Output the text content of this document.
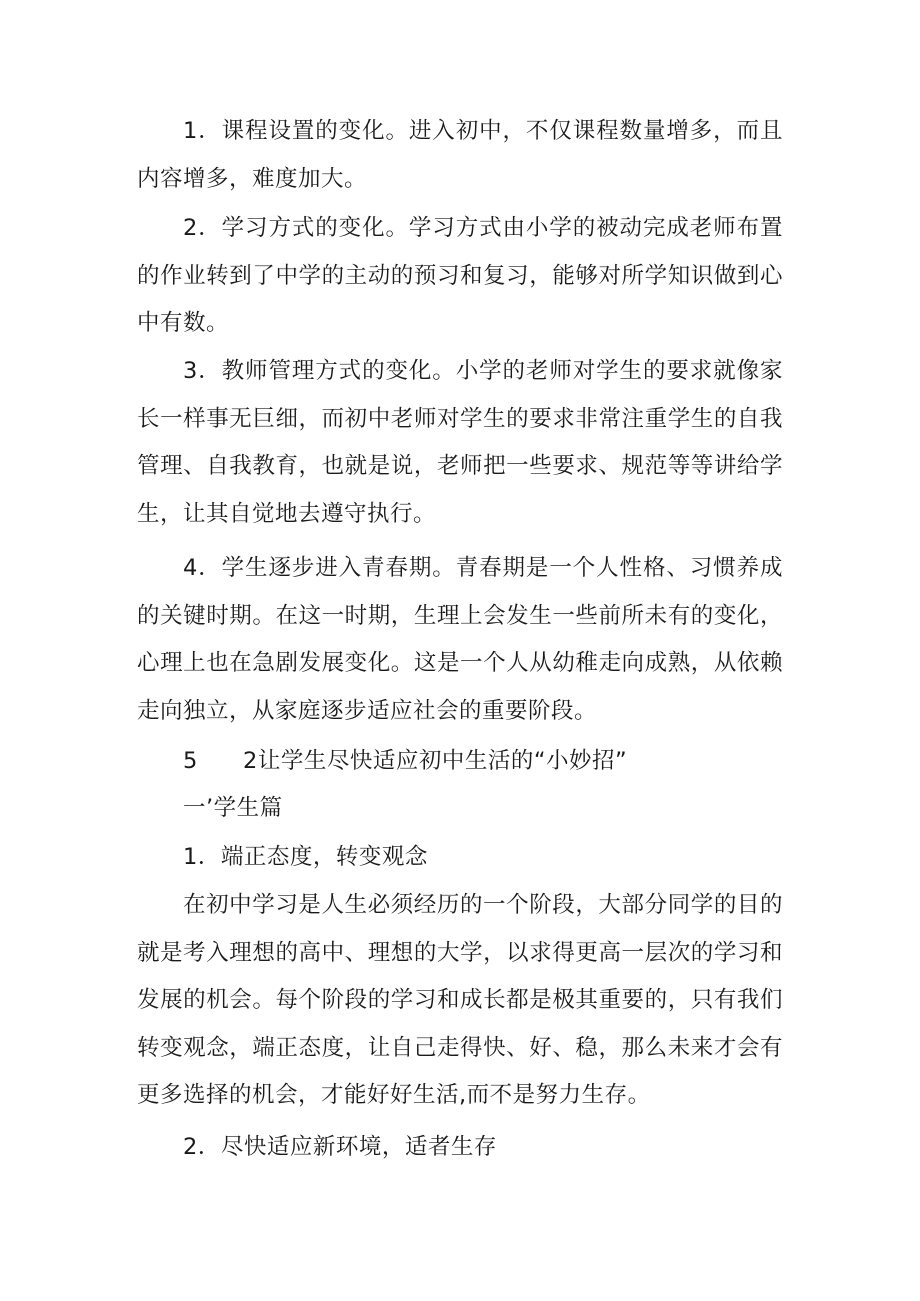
1．课程设置的变化。进入初中，不仅课程数量增多，而且内容增多，难度加大。

2．学习方式的变化。学习方式由小学的被动完成老师布置的作业转到了中学的主动的预习和复习，能够对所学知识做到心中有数。

3．教师管理方式的变化。小学的老师对学生的要求就像家长一样事无巨细，而初中老师对学生的要求非常注重学生的自我管理、自我教育，也就是说，老师把一些要求、规范等等讲给学生，让其自觉地去遵守执行。

4．学生逐步进入青春期。青春期是一个人性格、习惯养成的关键时期。在这一时期，生理上会发生一些前所未有的变化，心理上也在急剧发展变化。这是一个人从幼稚走向成熟，从依赖走向独立，从家庭逐步适应社会的重要阶段。

5 2让学生尽快适应初中生活的“小妙招”

一’学生篇

1．端正态度，转变观念

在初中学习是人生必须经历的一个阶段，大部分同学的目的就是考入理想的高中、理想的大学，以求得更高一层次的学习和发展的机会。每个阶段的学习和成长都是极其重要的，只有我们转变观念，端正态度，让自己走得快、好、稳，那么未来才会有更多选择的机会，才能好好生活,而不是努力生存。

2．尽快适应新环境，适者生存
